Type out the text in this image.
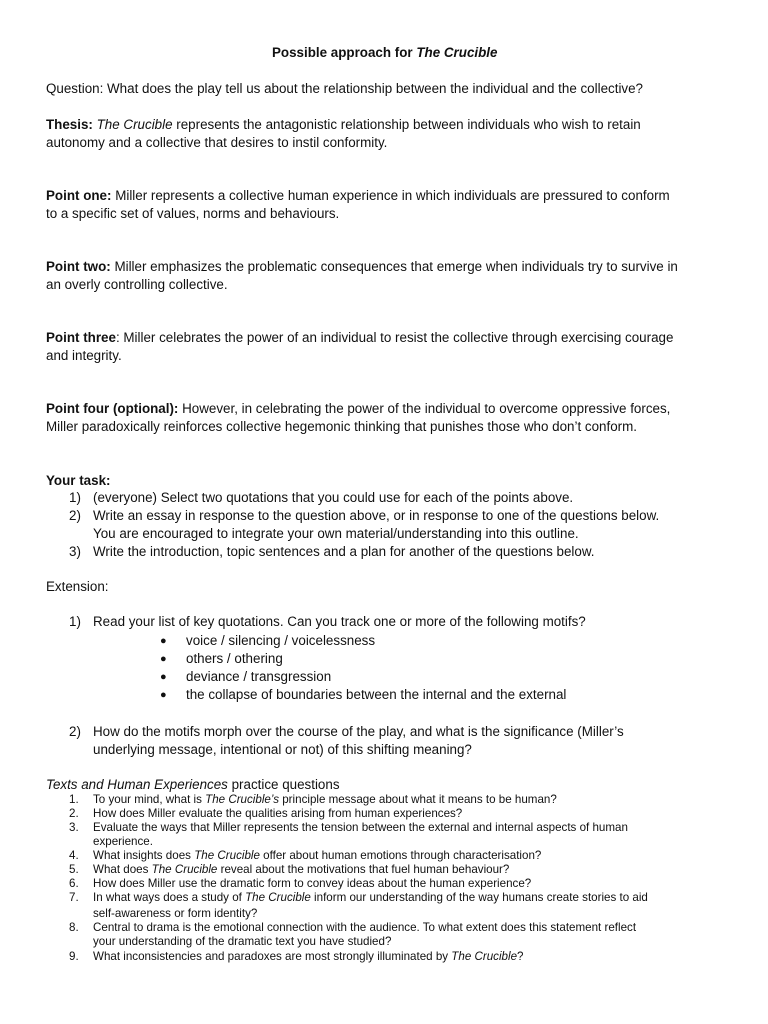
Possible approach for The Crucible
Question: What does the play tell us about the relationship between the individual and the collective?
Thesis: The Crucible represents the antagonistic relationship between individuals who wish to retain
autonomy and a collective that desires to instil conformity.
Point one: Miller represents a collective human experience in which individuals are pressured to conform
to a specific set of values, norms and behaviours.
Point two: Miller emphasizes the problematic consequences that emerge when individuals try to survive in
an overly controlling collective.
Point three: Miller celebrates the power of an individual to resist the collective through exercising courage
and integrity.
Point four (optional): However, in celebrating the power of the individual to overcome oppressive forces,
Miller paradoxically reinforces collective hegemonic thinking that punishes those who don’t conform.
Your task:
1) (everyone) Select two quotations that you could use for each of the points above.
2) Write an essay in response to the question above, or in response to one of the questions below.
You are encouraged to integrate your own material/understanding into this outline.
3) Write the introduction, topic sentences and a plan for another of the questions below.
Extension:
1) Read your list of key quotations. Can you track one or more of the following motifs?
● voice / silencing / voicelessness
● others / othering
● deviance / transgression
● the collapse of boundaries between the internal and the external
2) How do the motifs morph over the course of the play, and what is the significance (Miller’s
underlying message, intentional or not) of this shifting meaning?
Texts and Human Experiences practice questions
1. To your mind, what is The Crucible’s principle message about what it means to be human?
2. How does Miller evaluate the qualities arising from human experiences?
3. Evaluate the ways that Miller represents the tension between the external and internal aspects of human
experience.
4. What insights does The Crucible offer about human emotions through characterisation?
5. What does The Crucible reveal about the motivations that fuel human behaviour?
6. How does Miller use the dramatic form to convey ideas about the human experience?
7. In what ways does a study of The Crucible inform our understanding of the way humans create stories to aid
self-awareness or form identity?
8. Central to drama is the emotional connection with the audience. To what extent does this statement reflect
your understanding of the dramatic text you have studied?
9. What inconsistencies and paradoxes are most strongly illuminated by The Crucible?
